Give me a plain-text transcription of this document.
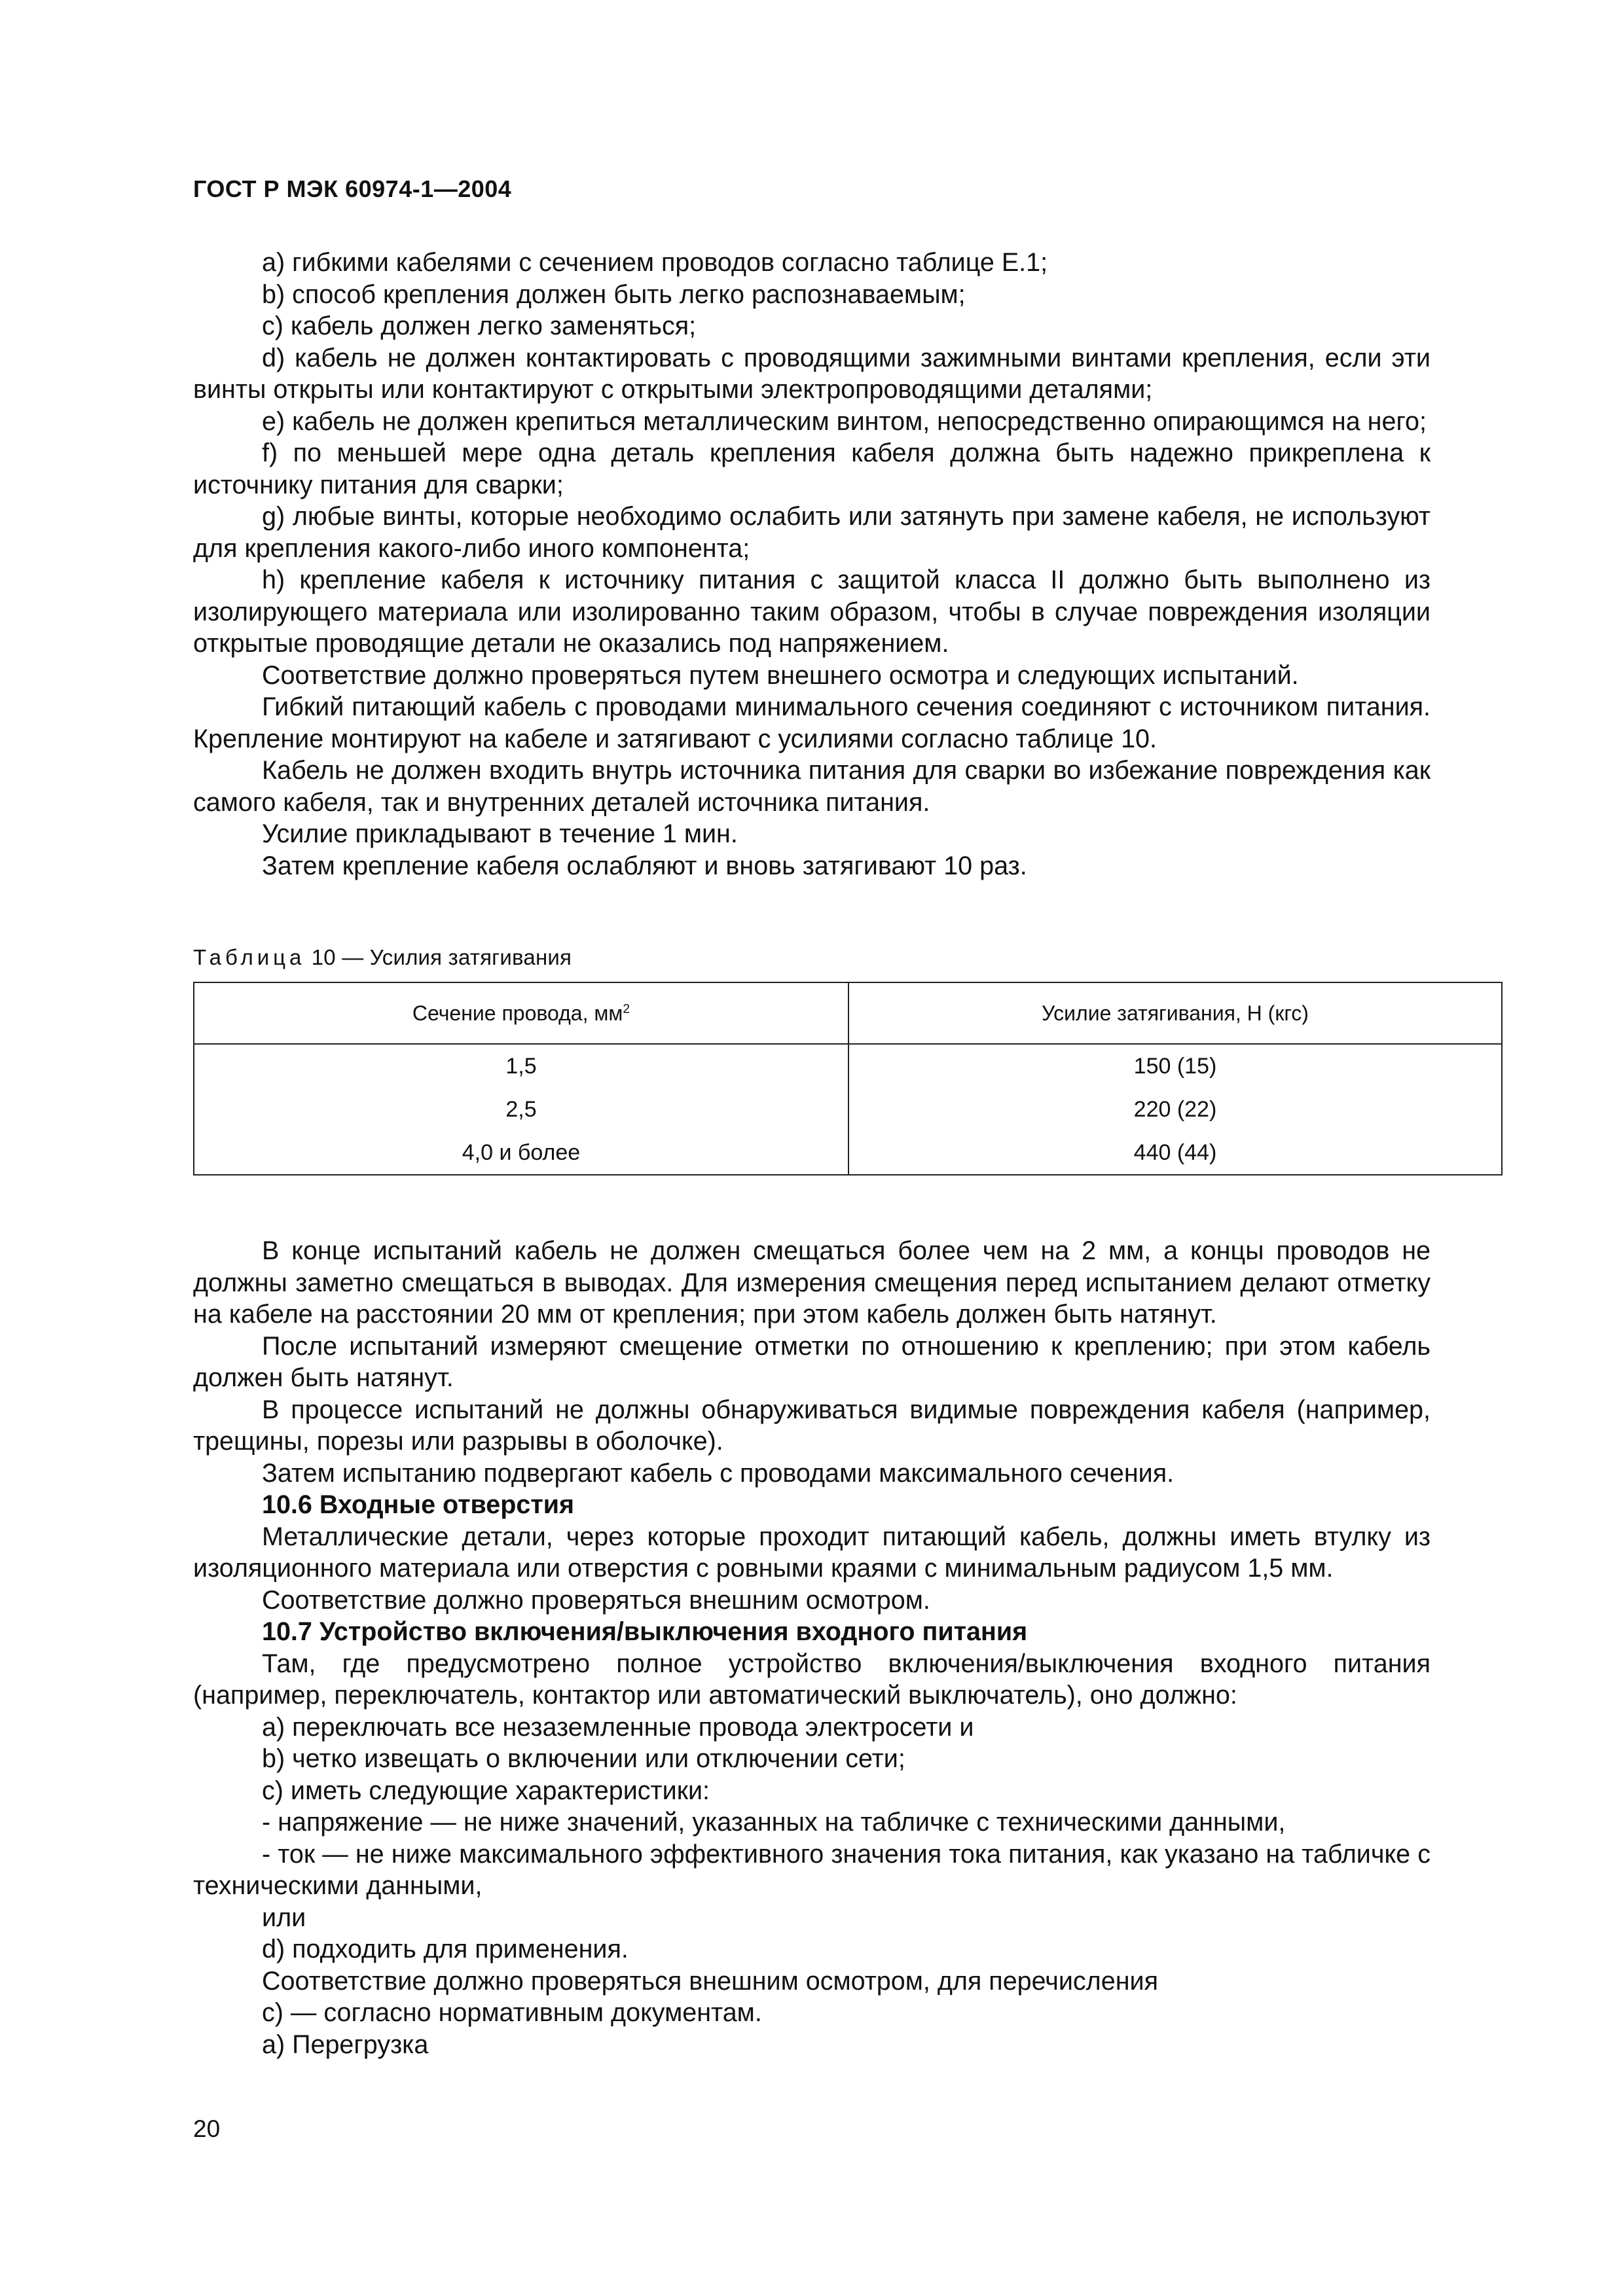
ГОСТ Р МЭК 60974-1—2004

а) гибкими кабелями с сечением проводов согласно таблице Е.1;

b) способ крепления должен быть легко распознаваемым;

с) кабель должен легко заменяться;

d) кабель не должен контактировать с проводящими зажимными винтами крепления, если эти винты открыты или контактируют с открытыми электропроводящими деталями;

е) кабель не должен крепиться металлическим винтом, непосредственно опирающимся на него;

f) по меньшей мере одна деталь крепления кабеля должна быть надежно прикреплена к источнику питания для сварки;

g) любые винты, которые необходимо ослабить или затянуть при замене кабеля, не используют для крепления какого-либо иного компонента;

h) крепление кабеля к источнику питания с защитой класса II должно быть выполнено из изолирующего материала или изолированно таким образом, чтобы в случае повреждения изоляции открытые проводящие детали не оказались под напряжением.

Соответствие должно проверяться путем внешнего осмотра и следующих испытаний.

Гибкий питающий кабель с проводами минимального сечения соединяют с источником питания. Крепление монтируют на кабеле и затягивают с усилиями согласно таблице 10.

Кабель не должен входить внутрь источника питания для сварки во избежание повреждения как самого кабеля, так и внутренних деталей источника питания.

Усилие прикладывают в течение 1 мин.

Затем крепление кабеля ослабляют и вновь затягивают 10 раз.

Таблица 10 — Усилия затягивания
Сечение провода, $мм^2$	Усилие затягивания, Н (кгс)
1,5	150 (15)
2,5	220 (22)
4,0 и более	440 (44)

В конце испытаний кабель не должен смещаться более чем на 2 мм, а концы проводов не должны заметно смещаться в выводах. Для измерения смещения перед испытанием делают отметку на кабеле на расстоянии 20 мм от крепления; при этом кабель должен быть натянут.

После испытаний измеряют смещение отметки по отношению к креплению; при этом кабель должен быть натянут.

В процессе испытаний не должны обнаруживаться видимые повреждения кабеля (например, трещины, порезы или разрывы в оболочке).

Затем испытанию подвергают кабель с проводами максимального сечения.

10.6 Входные отверстия

Металлические детали, через которые проходит питающий кабель, должны иметь втулку из изоляционного материала или отверстия с ровными краями с минимальным радиусом 1,5 мм.

Соответствие должно проверяться внешним осмотром.

10.7 Устройство включения/выключения входного питания

Там, где предусмотрено полное устройство включения/выключения входного питания (например, переключатель, контактор или автоматический выключатель), оно должно:

а) переключать все незаземленные провода электросети и

b) четко извещать о включении или отключении сети;

с) иметь следующие характеристики:

- напряжение — не ниже значений, указанных на табличке с техническими данными,

- ток — не ниже максимального эффективного значения тока питания, как указано на табличке с техническими данными,

или

d) подходить для применения.

Соответствие должно проверяться внешним осмотром, для перечисления

с) — согласно нормативным документам.

а) Перегрузка

20
